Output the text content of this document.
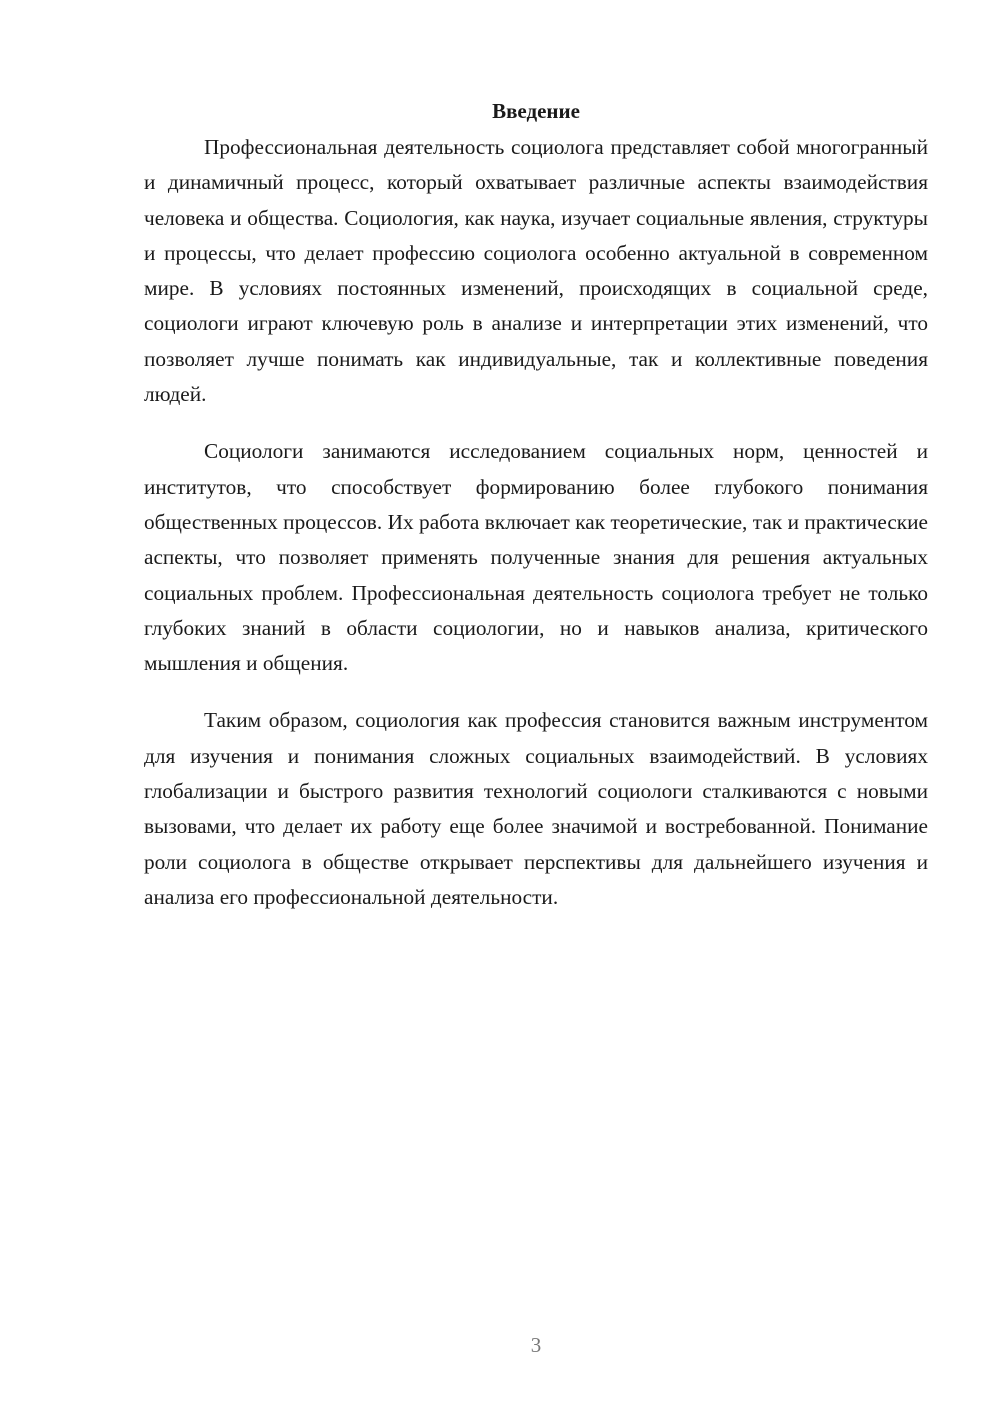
Введение

Профессиональная деятельность социолога представляет собой многогранный и динамичный процесс, который охватывает различные аспекты взаимодействия человека и общества. Социология, как наука, изучает социальные явления, структуры и процессы, что делает профессию социолога особенно актуальной в современном мире. В условиях постоянных изменений, происходящих в социальной среде, социологи играют ключевую роль в анализе и интерпретации этих изменений, что позволяет лучше понимать как индивидуальные, так и коллективные поведения людей.

Социологи занимаются исследованием социальных норм, ценностей и институтов, что способствует формированию более глубокого понимания общественных процессов. Их работа включает как теоретические, так и практические аспекты, что позволяет применять полученные знания для решения актуальных социальных проблем. Профессиональная деятельность социолога требует не только глубоких знаний в области социологии, но и навыков анализа, критического мышления и общения.

Таким образом, социология как профессия становится важным инструментом для изучения и понимания сложных социальных взаимодействий. В условиях глобализации и быстрого развития технологий социологи сталкиваются с новыми вызовами, что делает их работу еще более значимой и востребованной. Понимание роли социолога в обществе открывает перспективы для дальнейшего изучения и анализа его профессиональной деятельности.

3
